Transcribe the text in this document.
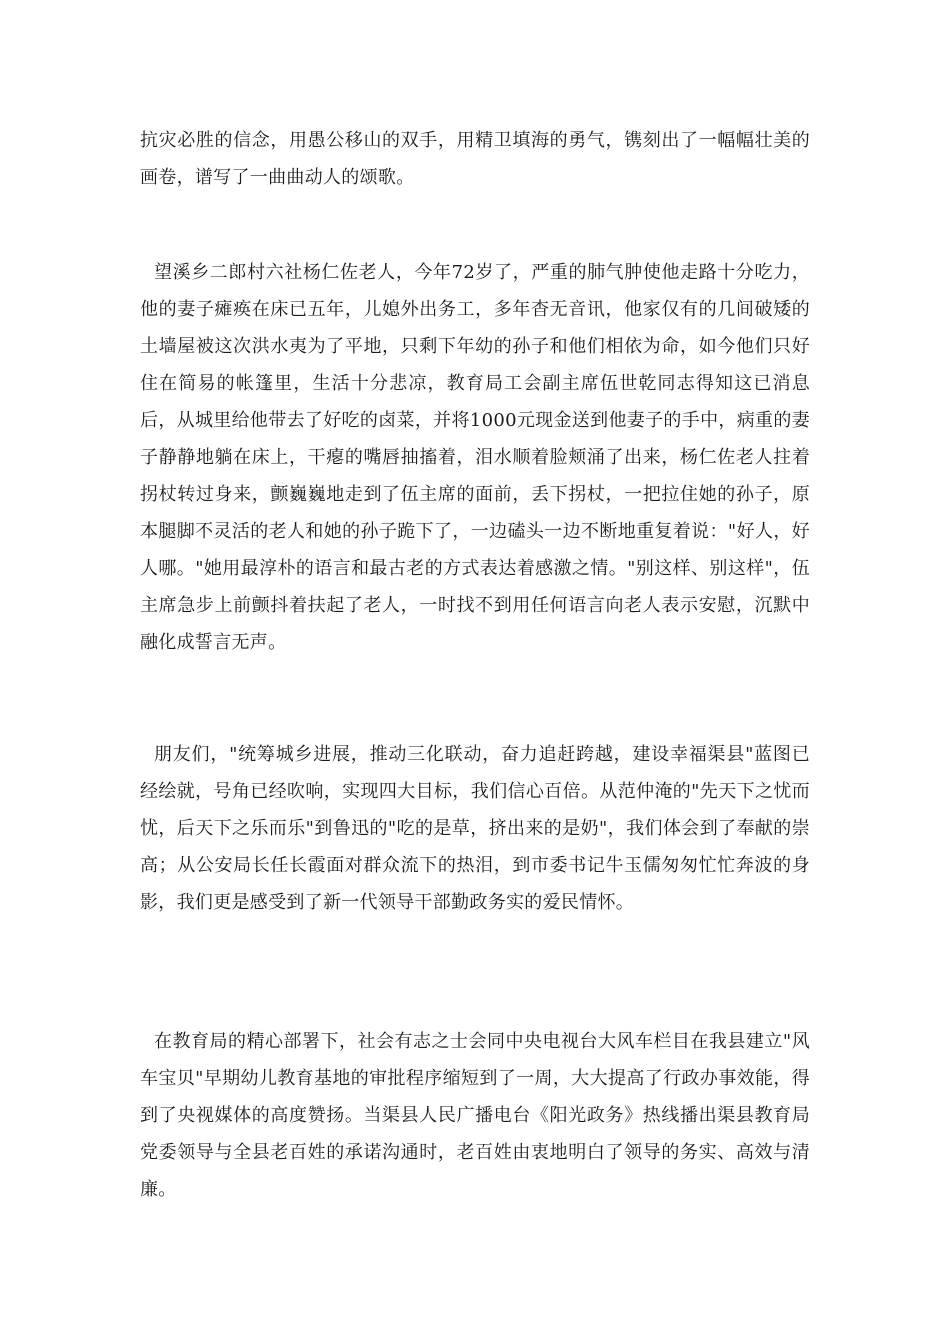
抗灾必胜的信念，用愚公移山的双手，用精卫填海的勇气，镌刻出了一幅幅壮美的画卷，谱写了一曲曲动人的颂歌。

望溪乡二郎村六社杨仁佐老人，今年72岁了，严重的肺气肿使他走路十分吃力，他的妻子瘫痪在床已五年，儿媳外出务工，多年杳无音讯，他家仅有的几间破矮的土墙屋被这次洪水夷为了平地，只剩下年幼的孙子和他们相依为命，如今他们只好住在简易的帐篷里，生活十分悲凉，教育局工会副主席伍世乾同志得知这已消息后，从城里给他带去了好吃的卤菜，并将1000元现金送到他妻子的手中，病重的妻子静静地躺在床上，干瘪的嘴唇抽搐着，泪水顺着脸颊涌了出来，杨仁佐老人拄着拐杖转过身来，颤巍巍地走到了伍主席的面前，丢下拐杖，一把拉住她的孙子，原本腿脚不灵活的老人和她的孙子跪下了，一边磕头一边不断地重复着说："好人，好人哪。"她用最淳朴的语言和最古老的方式表达着感激之情。"别这样、别这样"，伍主席急步上前颤抖着扶起了老人，一时找不到用任何语言向老人表示安慰，沉默中融化成誓言无声。

朋友们，"统筹城乡进展，推动三化联动，奋力追赶跨越，建设幸福渠县"蓝图已经绘就，号角已经吹响，实现四大目标，我们信心百倍。从范仲淹的"先天下之忧而忧，后天下之乐而乐"到鲁迅的"吃的是草，挤出来的是奶"，我们体会到了奉献的崇高；从公安局长任长霞面对群众流下的热泪，到市委书记牛玉儒匆匆忙忙奔波的身影，我们更是感受到了新一代领导干部勤政务实的爱民情怀。

在教育局的精心部署下，社会有志之士会同中央电视台大风车栏目在我县建立"风车宝贝"早期幼儿教育基地的审批程序缩短到了一周，大大提高了行政办事效能，得到了央视媒体的高度赞扬。当渠县人民广播电台《阳光政务》热线播出渠县教育局党委领导与全县老百姓的承诺沟通时，老百姓由衷地明白了领导的务实、高效与清廉。
